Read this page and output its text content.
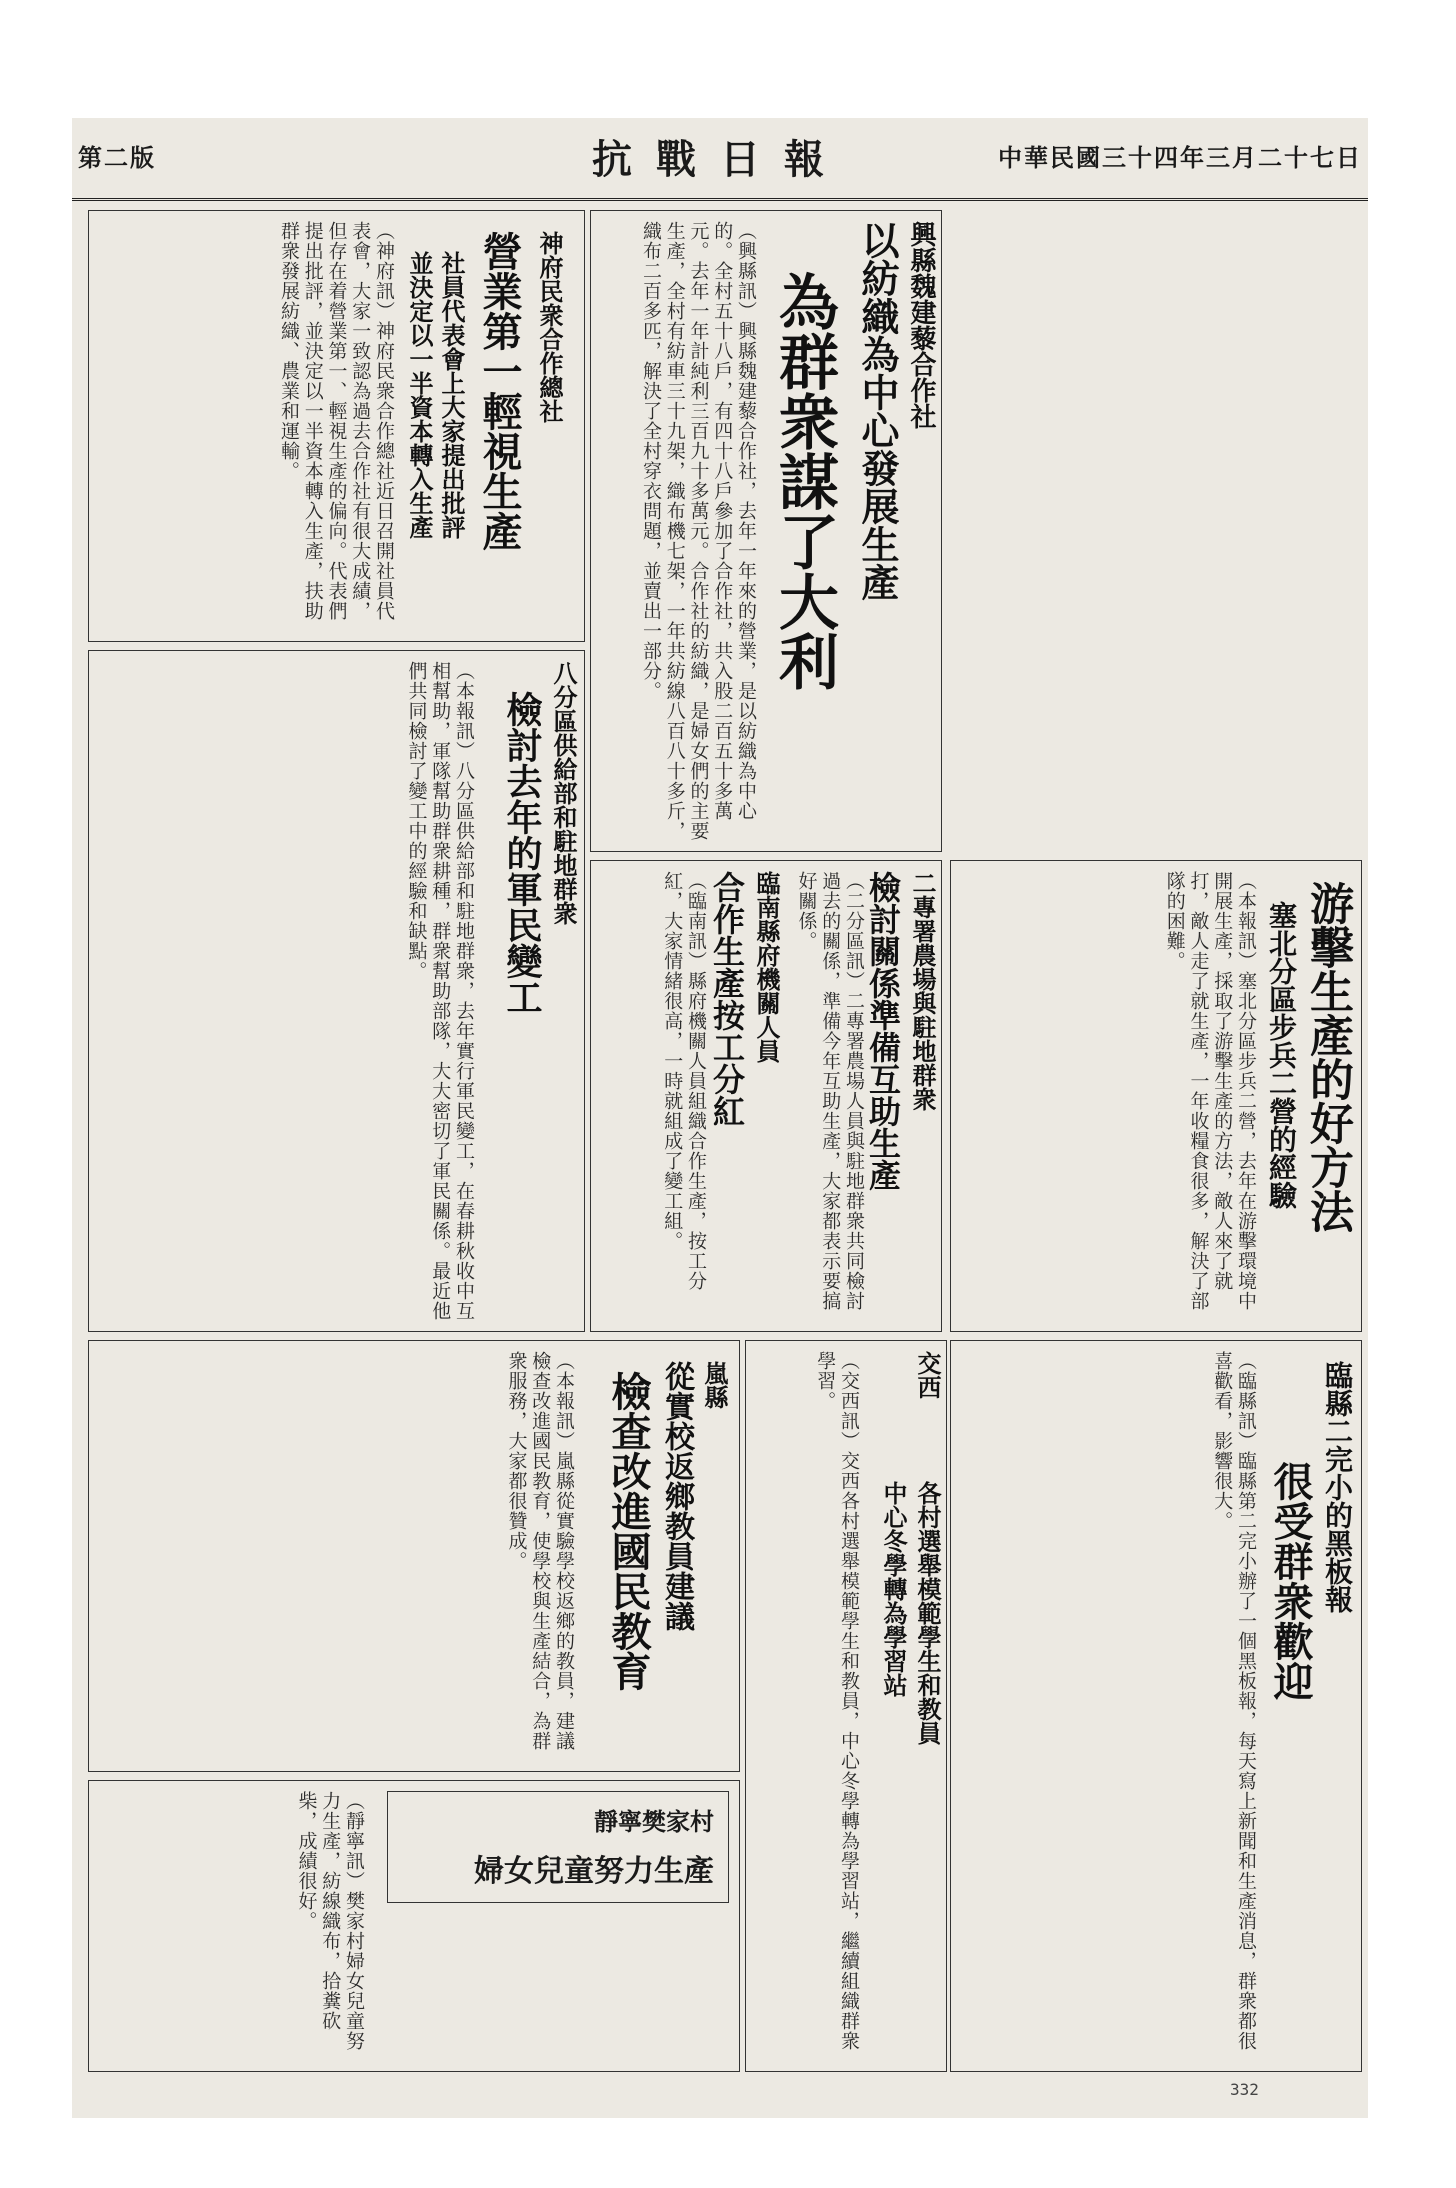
第二版	抗戰日報	中華民國三十四年三月二十七日
興縣魏建藜合作社
以紡織為中心發展生產
為群衆謀了大利
（興縣訊）興縣魏建藜合作社，去年一年來的營業，是以紡織為中心的。全村五十八戶，有四十八戶參加了合作社，共入股二百五十多萬元。去年一年計純利三百九十多萬元。合作社的紡織，是婦女們的主要生產，全村有紡車三十九架，織布機七架，一年共紡線八百八十多斤，織布二百多匹，解決了全村穿衣問題，並賣出一部分。
神府民衆合作總社
營業第一輕視生產
社員代表會上大家提出批評
並決定以一半資本轉入生產
（神府訊）神府民衆合作總社近日召開社員代表會，大家一致認為過去合作社有很大成績，但存在着營業第一、輕視生產的偏向。代表們提出批評，並決定以一半資本轉入生產，扶助群衆發展紡織、農業和運輸。
八分區供給部和駐地群衆
檢討去年的軍民變工
（本報訊）八分區供給部和駐地群衆，去年實行軍民變工，在春耕秋收中互相幫助，軍隊幫助群衆耕種，群衆幫助部隊，大大密切了軍民關係。最近他們共同檢討了變工中的經驗和缺點。
二專署農場與駐地群衆
檢討關係準備互助生產
臨南縣府機關人員
合作生產按工分紅	（二分區訊）二專署農場人員與駐地群衆共同檢討過去的關係，準備今年互助生產，大家都表示要搞好關係。
（臨南訊）縣府機關人員組織合作生產，按工分紅，大家情緒很高，一時就組成了變工組。	游擊生產的好方法
塞北分區步兵二營的經驗
（本報訊）塞北分區步兵二營，去年在游擊環境中開展生產，採取了游擊生產的方法，敵人來了就打，敵人走了就生產，一年收糧食很多，解決了部隊的困難。
臨縣二完小的黑板報
很受群衆歡迎
（臨縣訊）臨縣第二完小辦了一個黑板報，每天寫上新聞和生產消息，群衆都很喜歡看，影響很大。
嵐縣
從實校返鄉教員建議
檢查改進國民教育
（本報訊）嵐縣從實驗學校返鄉的教員，建議檢查改進國民教育，使學校與生產結合，為群衆服務，大家都很贊成。	交西
各村選舉模範學生和教員
中心冬學轉為學習站
（交西訊）交西各村選舉模範學生和教員，中心冬學轉為學習站，繼續組織群衆學習。
靜寧樊家村
婦女兒童努力生產
（靜寧訊）樊家村婦女兒童努力生產，紡線織布，拾糞砍柴，成績很好。
332
